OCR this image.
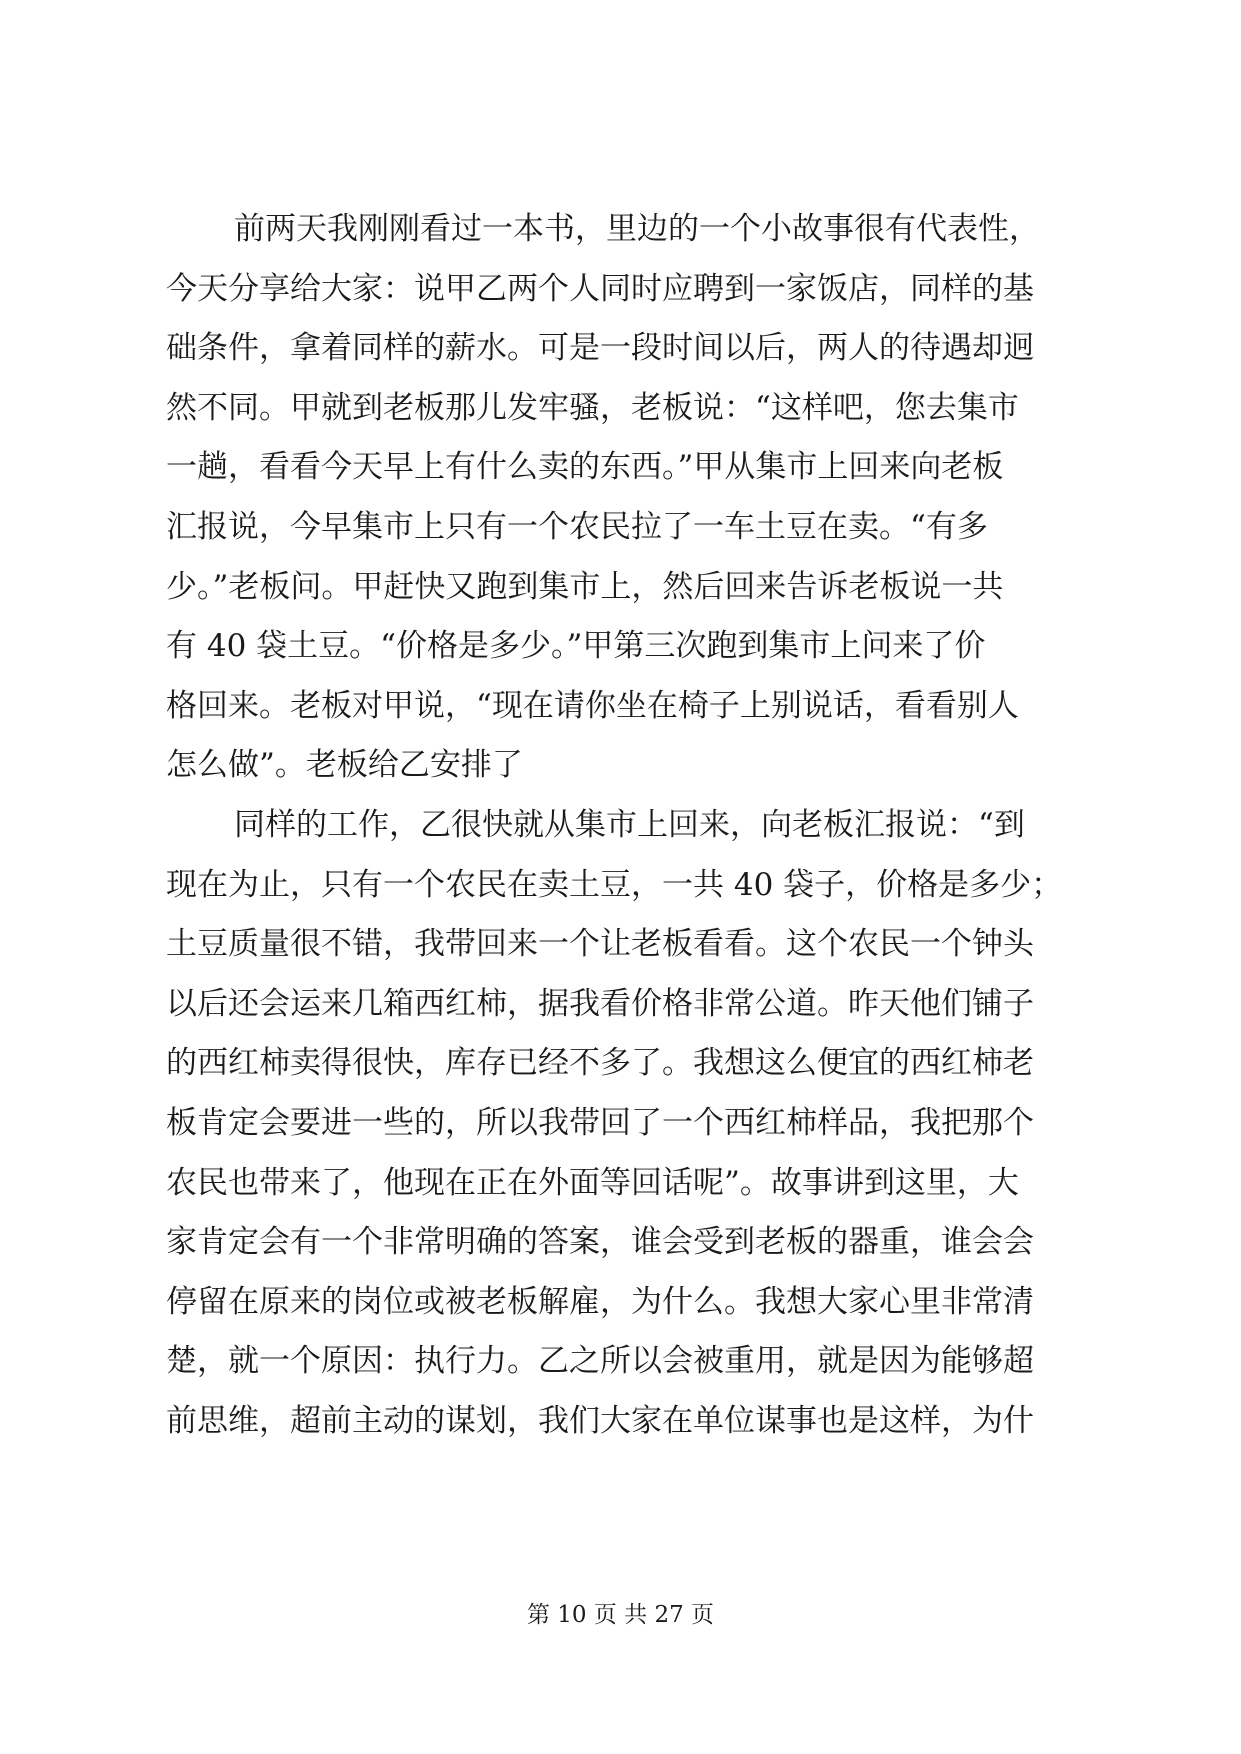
前两天我刚刚看过一本书，里边的一个小故事很有代表性，
今天分享给大家：说甲乙两个人同时应聘到一家饭店，同样的基
础条件，拿着同样的薪水。可是一段时间以后，两人的待遇却迥
然不同。甲就到老板那儿发牢骚，老板说：“这样吧，您去集市
一趟，看看今天早上有什么卖的东西。”甲从集市上回来向老板
汇报说，今早集市上只有一个农民拉了一车土豆在卖。“有多
少。”老板问。甲赶快又跑到集市上，然后回来告诉老板说一共
有 40 袋土豆。“价格是多少。”甲第三次跑到集市上问来了价
格回来。老板对甲说，“现在请你坐在椅子上别说话，看看别人
怎么做”。老板给乙安排了
同样的工作，乙很快就从集市上回来，向老板汇报说：“到
现在为止，只有一个农民在卖土豆，一共 40 袋子，价格是多少；
土豆质量很不错，我带回来一个让老板看看。这个农民一个钟头
以后还会运来几箱西红柿，据我看价格非常公道。昨天他们铺子
的西红柿卖得很快，库存已经不多了。我想这么便宜的西红柿老
板肯定会要进一些的，所以我带回了一个西红柿样品，我把那个
农民也带来了，他现在正在外面等回话呢”。故事讲到这里，大
家肯定会有一个非常明确的答案，谁会受到老板的器重，谁会会
停留在原来的岗位或被老板解雇，为什么。我想大家心里非常清
楚，就一个原因：执行力。乙之所以会被重用，就是因为能够超
前思维，超前主动的谋划，我们大家在单位谋事也是这样，为什
第 10 页 共 27 页
